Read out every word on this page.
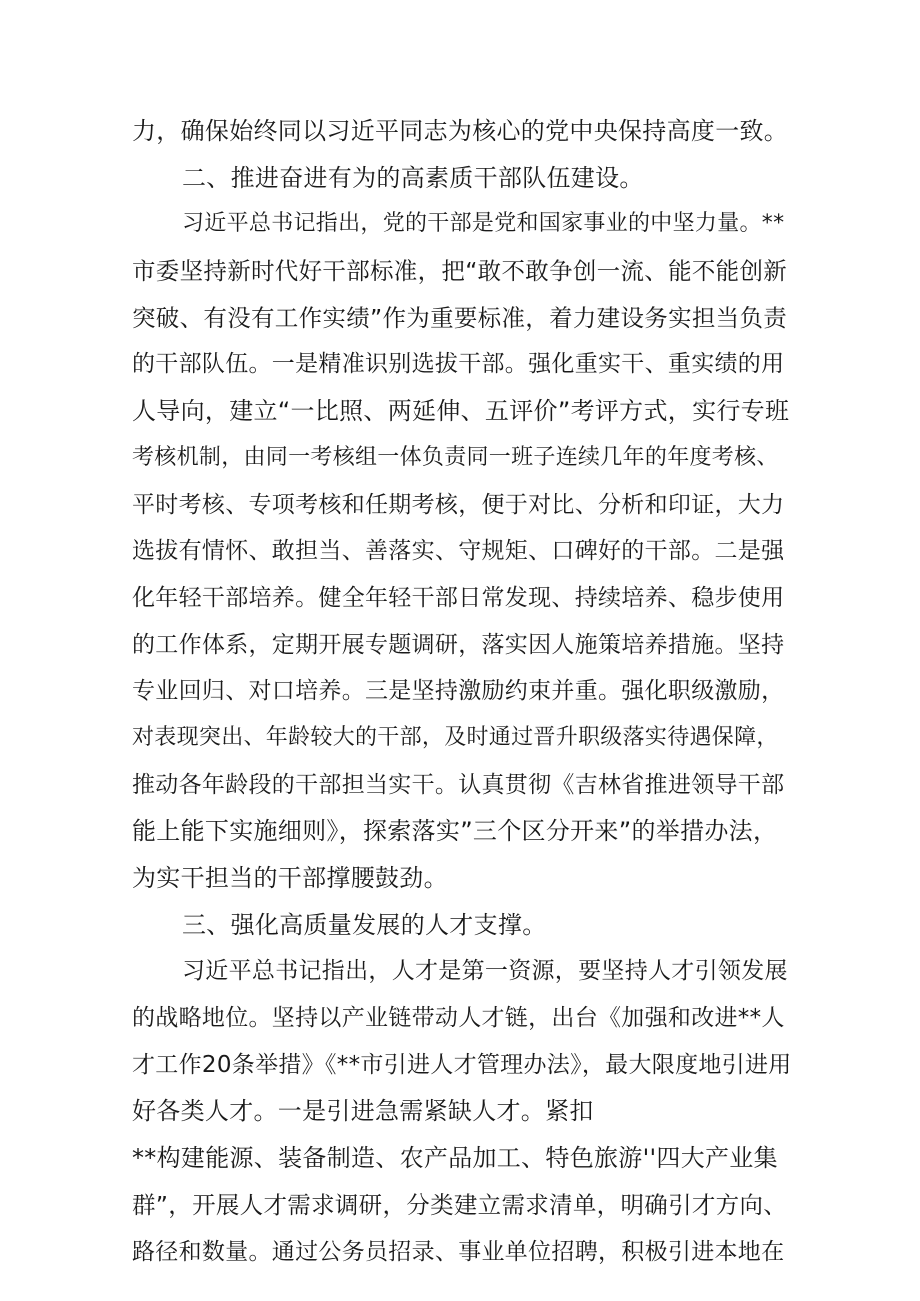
力，确保始终同以习近平同志为核心的党中央保持高度一致。
二、推进奋进有为的高素质干部队伍建设。
习近平总书记指出，党的干部是党和国家事业的中坚力量。**
市委坚持新时代好干部标准，把“敢不敢争创一流、能不能创新
突破、有没有工作实绩”作为重要标准，着力建设务实担当负责
的干部队伍。一是精准识别选拔干部。强化重实干、重实绩的用
人导向，建立“一比照、两延伸、五评价”考评方式，实行专班
考核机制，由同一考核组一体负责同一班子连续几年的年度考核、
平时考核、专项考核和任期考核，便于对比、分析和印证，大力
选拔有情怀、敢担当、善落实、守规矩、口碑好的干部。二是强
化年轻干部培养。健全年轻干部日常发现、持续培养、稳步使用
的工作体系，定期开展专题调研，落实因人施策培养措施。坚持
专业回归、对口培养。三是坚持激励约束并重。强化职级激励，
对表现突出、年龄较大的干部，及时通过晋升职级落实待遇保障，
推动各年龄段的干部担当实干。认真贯彻《吉林省推进领导干部
能上能下实施细则》，探索落实”三个区分开来”的举措办法，
为实干担当的干部撑腰鼓劲。
三、强化高质量发展的人才支撑。
习近平总书记指出，人才是第一资源，要坚持人才引领发展
的战略地位。坚持以产业链带动人才链，出台《加强和改进**人
才工作20条举措》《**市引进人才管理办法》，最大限度地引进用
好各类人才。一是引进急需紧缺人才。紧扣
**构建能源、装备制造、农产品加工、特色旅游''四大产业集
群”，开展人才需求调研，分类建立需求清单，明确引才方向、
路径和数量。通过公务员招录、事业单位招聘，积极引进本地在
